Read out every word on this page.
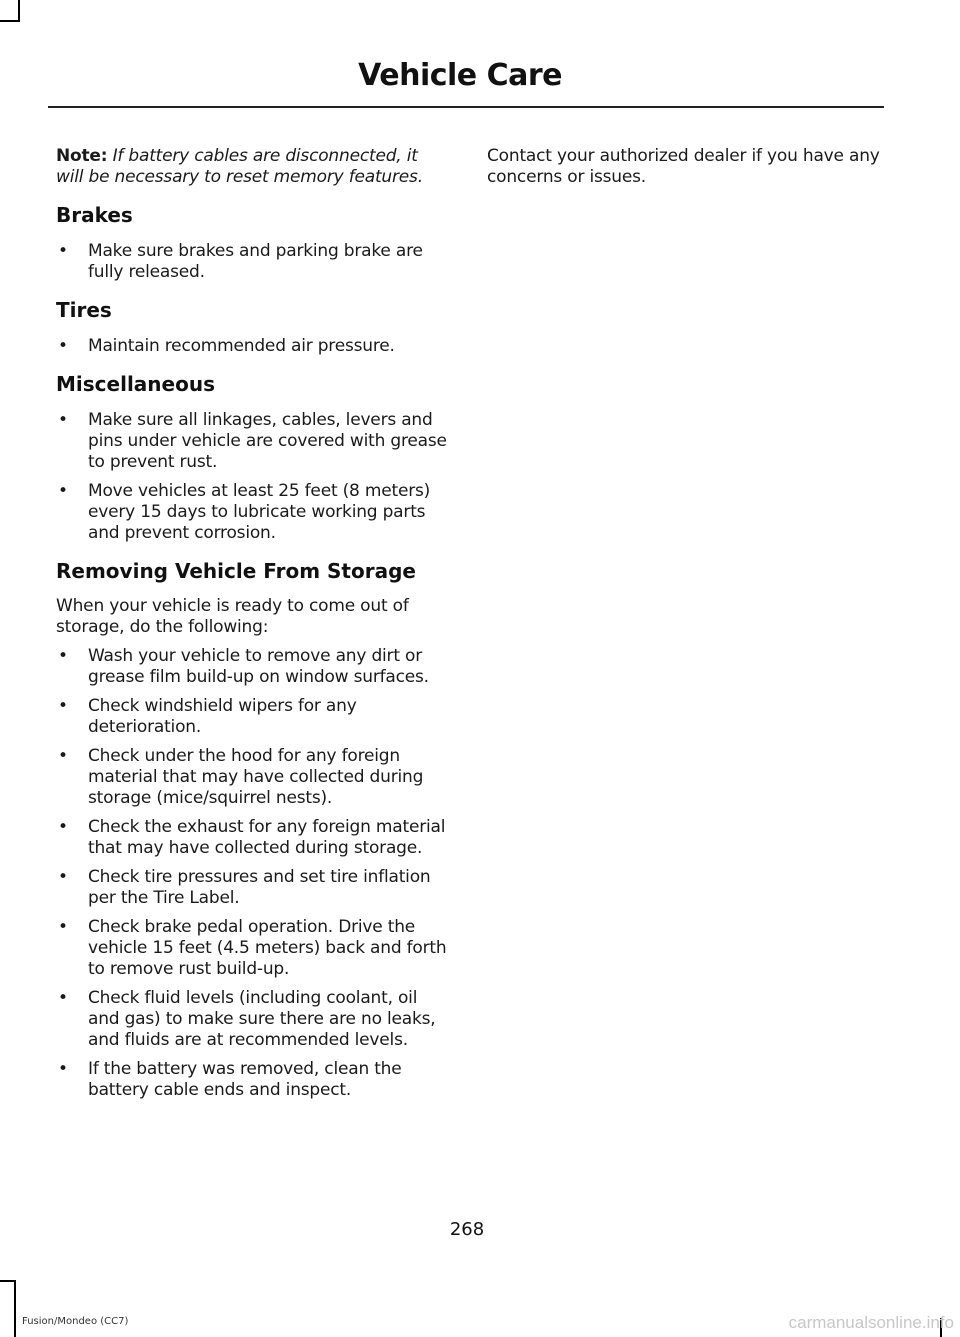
Vehicle Care

Note: If battery cables are disconnected, it will be necessary to reset memory features.

Brakes
• Make sure brakes and parking brake are fully released.
Tires
• Maintain recommended air pressure.
Miscellaneous
• Make sure all linkages, cables, levers and pins under vehicle are covered with grease to prevent rust.
• Move vehicles at least 25 feet (8 meters) every 15 days to lubricate working parts and prevent corrosion.
Removing Vehicle From Storage

When your vehicle is ready to come out of storage, do the following:

• Wash your vehicle to remove any dirt or grease film build-up on window surfaces.
• Check windshield wipers for any deterioration.
• Check under the hood for any foreign material that may have collected during storage (mice/squirrel nests).
• Check the exhaust for any foreign material that may have collected during storage.
• Check tire pressures and set tire inflation per the Tire Label.
• Check brake pedal operation. Drive the vehicle 15 feet (4.5 meters) back and forth to remove rust build-up.
• Check fluid levels (including coolant, oil and gas) to make sure there are no leaks, and fluids are at recommended levels.
• If the battery was removed, clean the battery cable ends and inspect.

Contact your authorized dealer if you have any concerns or issues.

268
Fusion/Mondeo (CC7)	carmanualsonline.info
